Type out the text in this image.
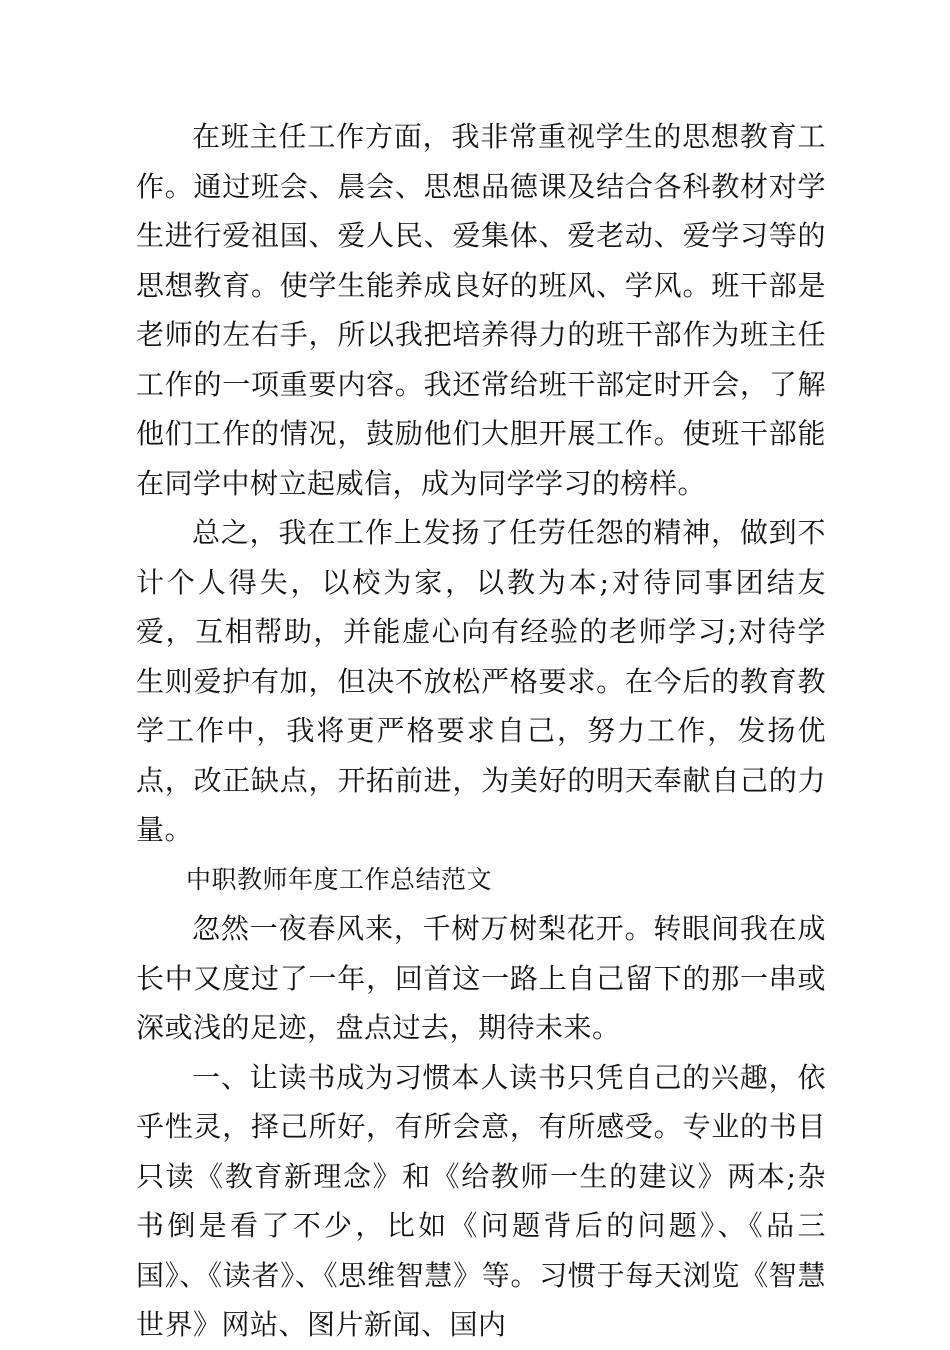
在班主任工作方面，我非常重视学生的思想教育工作。通过班会、晨会、思想品德课及结合各科教材对学生进行爱祖国、爱人民、爱集体、爱老动、爱学习等的思想教育。使学生能养成良好的班风、学风。班干部是老师的左右手，所以我把培养得力的班干部作为班主任工作的一项重要内容。我还常给班干部定时开会，了解他们工作的情况，鼓励他们大胆开展工作。使班干部能在同学中树立起威信，成为同学学习的榜样。

总之，我在工作上发扬了任劳任怨的精神，做到不计个人得失，以校为家，以教为本;对待同事团结友爱，互相帮助，并能虚心向有经验的老师学习;对待学生则爱护有加，但决不放松严格要求。在今后的教育教学工作中，我将更严格要求自己，努力工作，发扬优点，改正缺点，开拓前进，为美好的明天奉献自己的力量。

中职教师年度工作总结范文

忽然一夜春风来，千树万树梨花开。转眼间我在成长中又度过了一年，回首这一路上自己留下的那一串或深或浅的足迹，盘点过去，期待未来。

一、让读书成为习惯本人读书只凭自己的兴趣，依乎性灵，择己所好，有所会意，有所感受。专业的书目只读《教育新理念》和《给教师一生的建议》两本;杂书倒是看了不少，比如《问题背后的问题》、《品三国》、《读者》、《思维智慧》等。习惯于每天浏览《智慧世界》网站、图片新闻、国内
